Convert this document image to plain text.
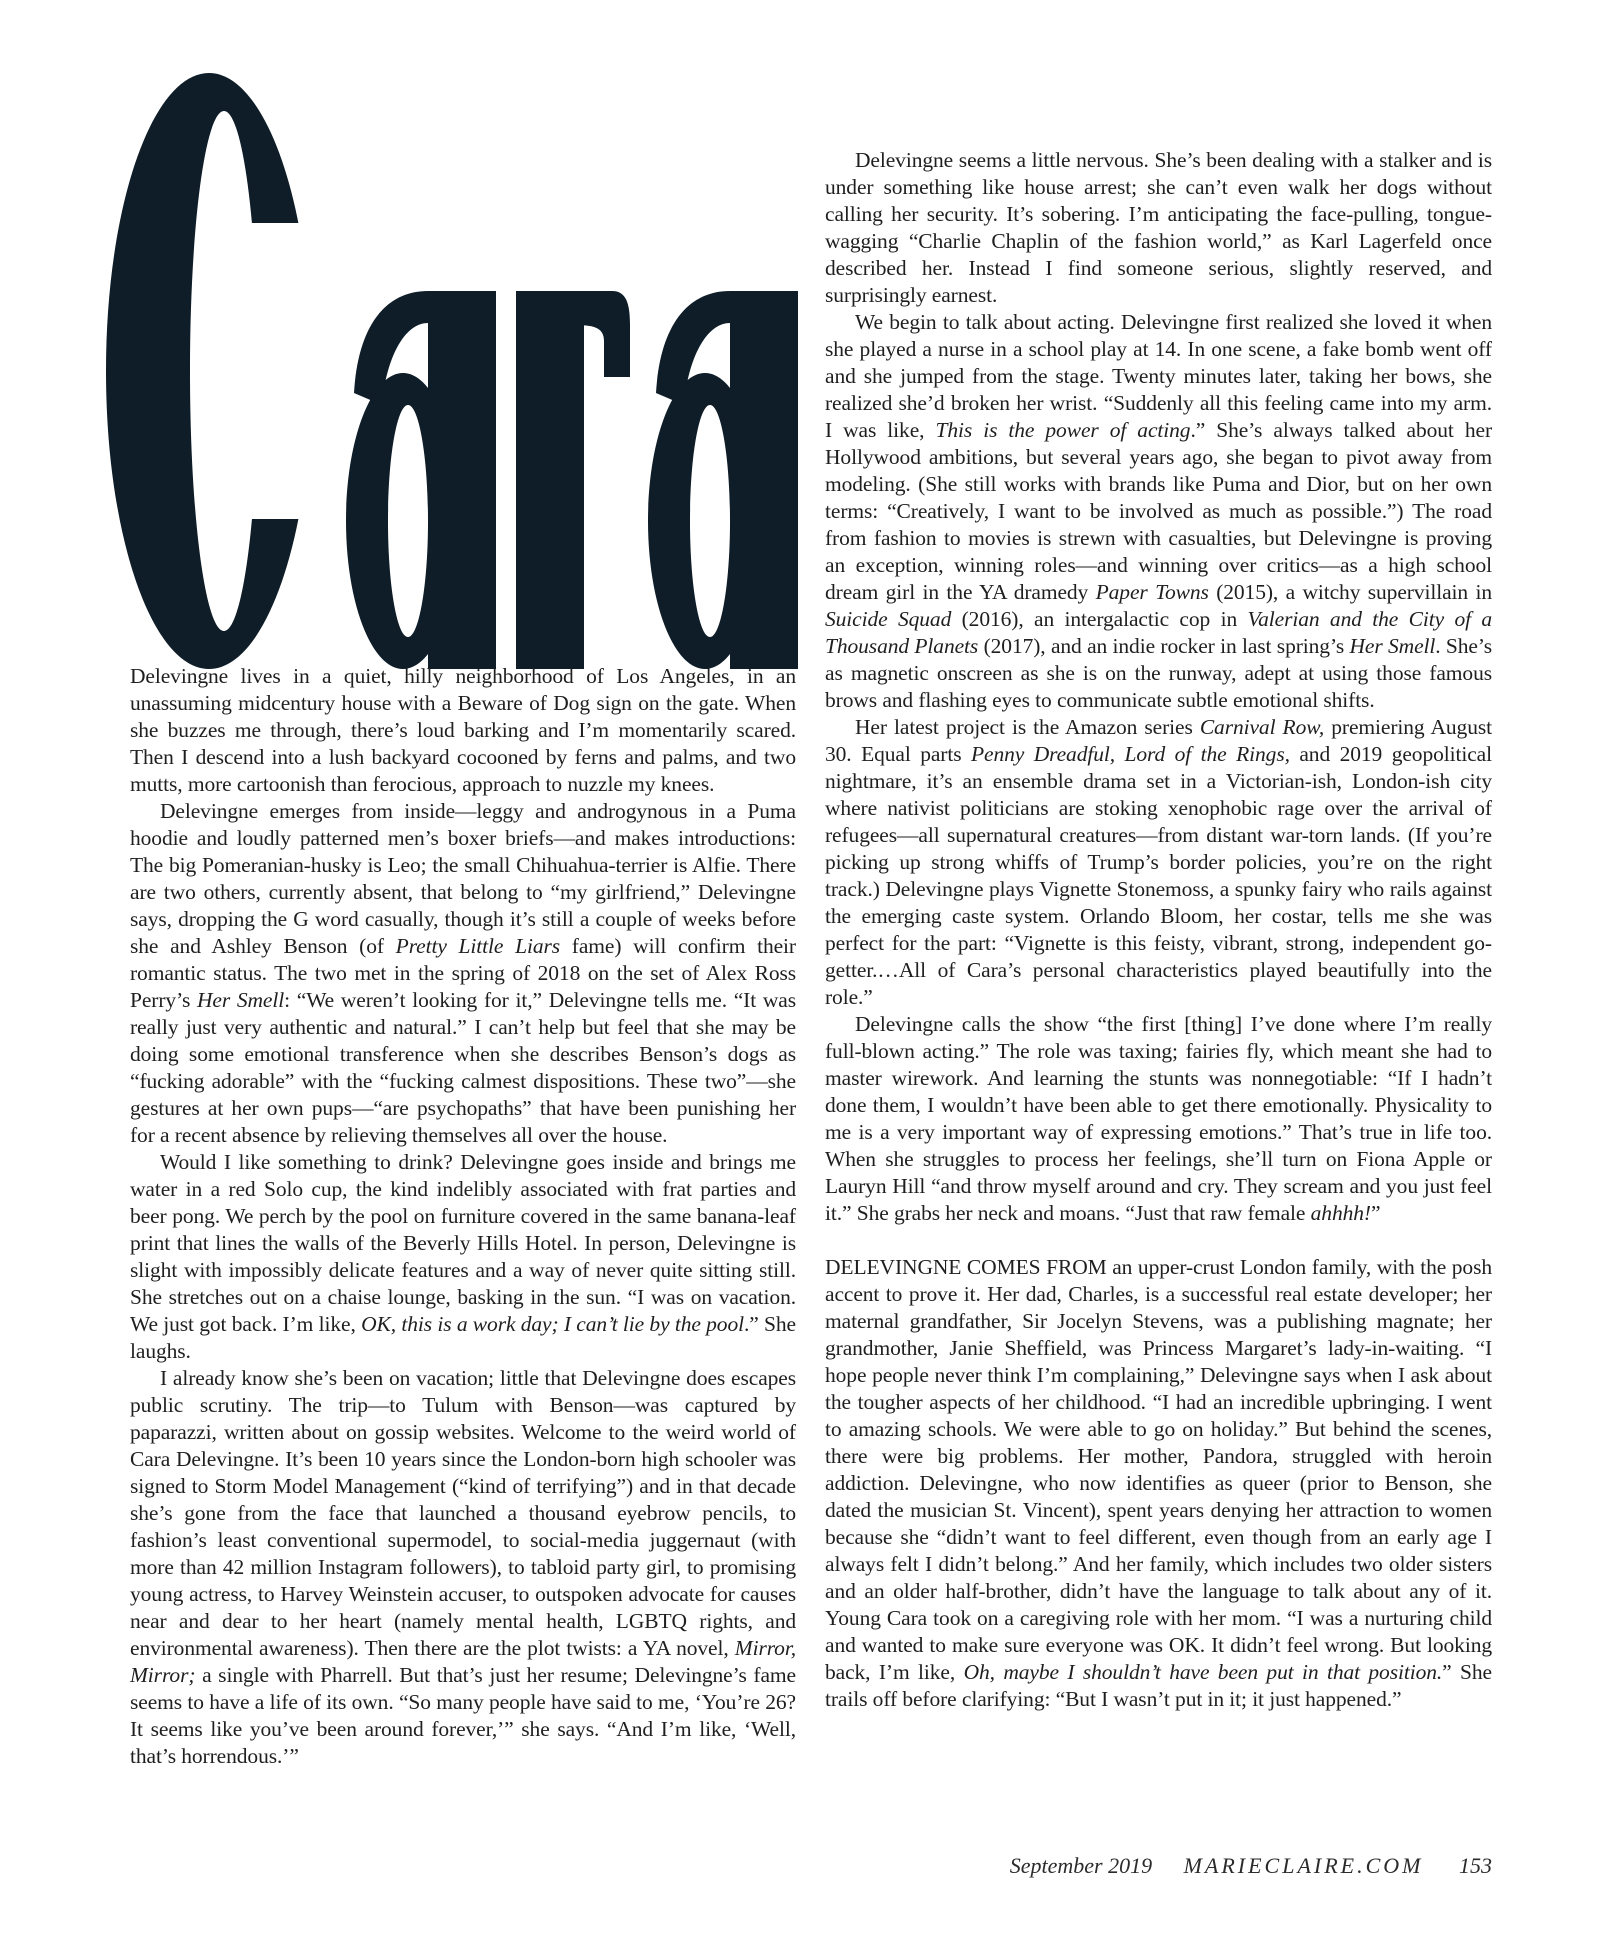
Delevingne lives in a quiet, hilly neighborhood of Los Angeles, in an unassuming midcentury house with a Beware of Dog sign on the gate. When she buzzes me through, there’s loud barking and I’m momentarily scared. Then I descend into a lush backyard cocooned by ferns and palms, and two mutts, more cartoonish than ferocious, approach to nuzzle my knees.

Delevingne emerges from inside—leggy and androgynous in a Puma hoodie and loudly patterned men’s boxer briefs—and makes introductions: The big Pomeranian-husky is Leo; the small Chihuahua-terrier is Alfie. There are two others, currently absent, that belong to “my girlfriend,” Delevingne says, dropping the G word casually, though it’s still a couple of weeks before she and Ashley Benson (of Pretty Little Liars fame) will confirm their romantic status. The two met in the spring of 2018 on the set of Alex Ross Perry’s Her Smell: “We weren’t looking for it,” Delevingne tells me. “It was really just very authentic and natural.” I can’t help but feel that she may be doing some emotional transference when she describes Benson’s dogs as “fucking adorable” with the “fucking calmest dispositions. These two”—she gestures at her own pups—“are psychopaths” that have been punishing her for a recent absence by relieving themselves all over the house.

Would I like something to drink? Delevingne goes inside and brings me water in a red Solo cup, the kind indelibly associated with frat parties and beer pong. We perch by the pool on furniture covered in the same banana-leaf print that lines the walls of the Beverly Hills Hotel. In person, Delevingne is slight with impossibly delicate features and a way of never quite sitting still. She stretches out on a chaise lounge, basking in the sun. “I was on vacation. We just got back. I’m like, OK, this is a work day; I can’t lie by the pool.” She laughs.

I already know she’s been on vacation; little that Delevingne does escapes public scrutiny. The trip—to Tulum with Benson—was captured by paparazzi, written about on gossip websites. Welcome to the weird world of Cara Delevingne. It’s been 10 years since the London-born high schooler was signed to Storm Model Management (“kind of terrifying”) and in that decade she’s gone from the face that launched a thousand eyebrow pencils, to fashion’s least conventional supermodel, to social-media juggernaut (with more than 42 million Instagram followers), to tabloid party girl, to promising young actress, to Harvey Weinstein accuser, to outspoken advocate for causes near and dear to her heart (namely mental health, LGBTQ rights, and environmental awareness). Then there are the plot twists: a YA novel, Mirror, Mirror; a single with Pharrell. But that’s just her resume; Delevingne’s fame seems to have a life of its own. “So many people have said to me, ‘You’re 26? It seems like you’ve been around forever,’” she says. “And I’m like, ‘Well, that’s horrendous.’”

Delevingne seems a little nervous. She’s been dealing with a stalker and is under something like house arrest; she can’t even walk her dogs without calling her security. It’s sobering. I’m anticipating the face-pulling, tongue-wagging “Charlie Chaplin of the fashion world,” as Karl Lagerfeld once described her. Instead I find someone serious, slightly reserved, and surprisingly earnest.

We begin to talk about acting. Delevingne first realized she loved it when she played a nurse in a school play at 14. In one scene, a fake bomb went off and she jumped from the stage. Twenty minutes later, taking her bows, she realized she’d broken her wrist. “Suddenly all this feeling came into my arm. I was like, This is the power of acting.” She’s always talked about her Hollywood ambitions, but several years ago, she began to pivot away from modeling. (She still works with brands like Puma and Dior, but on her own terms: “Creatively, I want to be involved as much as possible.”) The road from fashion to movies is strewn with casualties, but Delevingne is proving an exception, winning roles—and winning over critics—as a high school dream girl in the YA dramedy Paper Towns (2015), a witchy supervillain in Suicide Squad (2016), an intergalactic cop in Valerian and the City of a Thousand Planets (2017), and an indie rocker in last spring’s Her Smell. She’s as magnetic onscreen as she is on the runway, adept at using those famous brows and flashing eyes to communicate subtle emotional shifts.

Her latest project is the Amazon series Carnival Row, premiering August 30. Equal parts Penny Dreadful, Lord of the Rings, and 2019 geopolitical nightmare, it’s an ensemble drama set in a Victorian-ish, London-ish city where nativist politicians are stoking xenophobic rage over the arrival of refugees—all supernatural creatures—from distant war-torn lands. (If you’re picking up strong whiffs of Trump’s border policies, you’re on the right track.) Delevingne plays Vignette Stonemoss, a spunky fairy who rails against the emerging caste system. Orlando Bloom, her costar, tells me she was perfect for the part: “Vignette is this feisty, vibrant, strong, independent go-getter.…All of Cara’s personal characteristics played beautifully into the role.”

Delevingne calls the show “the first [thing] I’ve done where I’m really full-blown acting.” The role was taxing; fairies fly, which meant she had to master wirework. And learning the stunts was nonnegotiable: “If I hadn’t done them, I wouldn’t have been able to get there emotionally. Physicality to me is a very important way of expressing emotions.” That’s true in life too. When she struggles to process her feelings, she’ll turn on Fiona Apple or Lauryn Hill “and throw myself around and cry. They scream and you just feel it.” She grabs her neck and moans. “Just that raw female ahhhh!”

DELEVINGNE COMES FROM an upper-crust London family, with the posh accent to prove it. Her dad, Charles, is a successful real estate developer; her maternal grandfather, Sir Jocelyn Stevens, was a publishing magnate; her grandmother, Janie Sheffield, was Princess Margaret’s lady-in-waiting. “I hope people never think I’m complaining,” Delevingne says when I ask about the tougher aspects of her childhood. “I had an incredible upbringing. I went to amazing schools. We were able to go on holiday.” But behind the scenes, there were big problems. Her mother, Pandora, struggled with heroin addiction. Delevingne, who now identifies as queer (prior to Benson, she dated the musician St. Vincent), spent years denying her attraction to women because she “didn’t want to feel different, even though from an early age I always felt I didn’t belong.” And her family, which includes two older sisters and an older half-brother, didn’t have the language to talk about any of it. Young Cara took on a caregiving role with her mom. “I was a nurturing child and wanted to make sure everyone was OK. It didn’t feel wrong. But looking back, I’m like, Oh, maybe I shouldn’t have been put in that position.” She trails off before clarifying: “But I wasn’t put in it; it just happened.”

September 2019 MARIECLAIRE.COM 153
